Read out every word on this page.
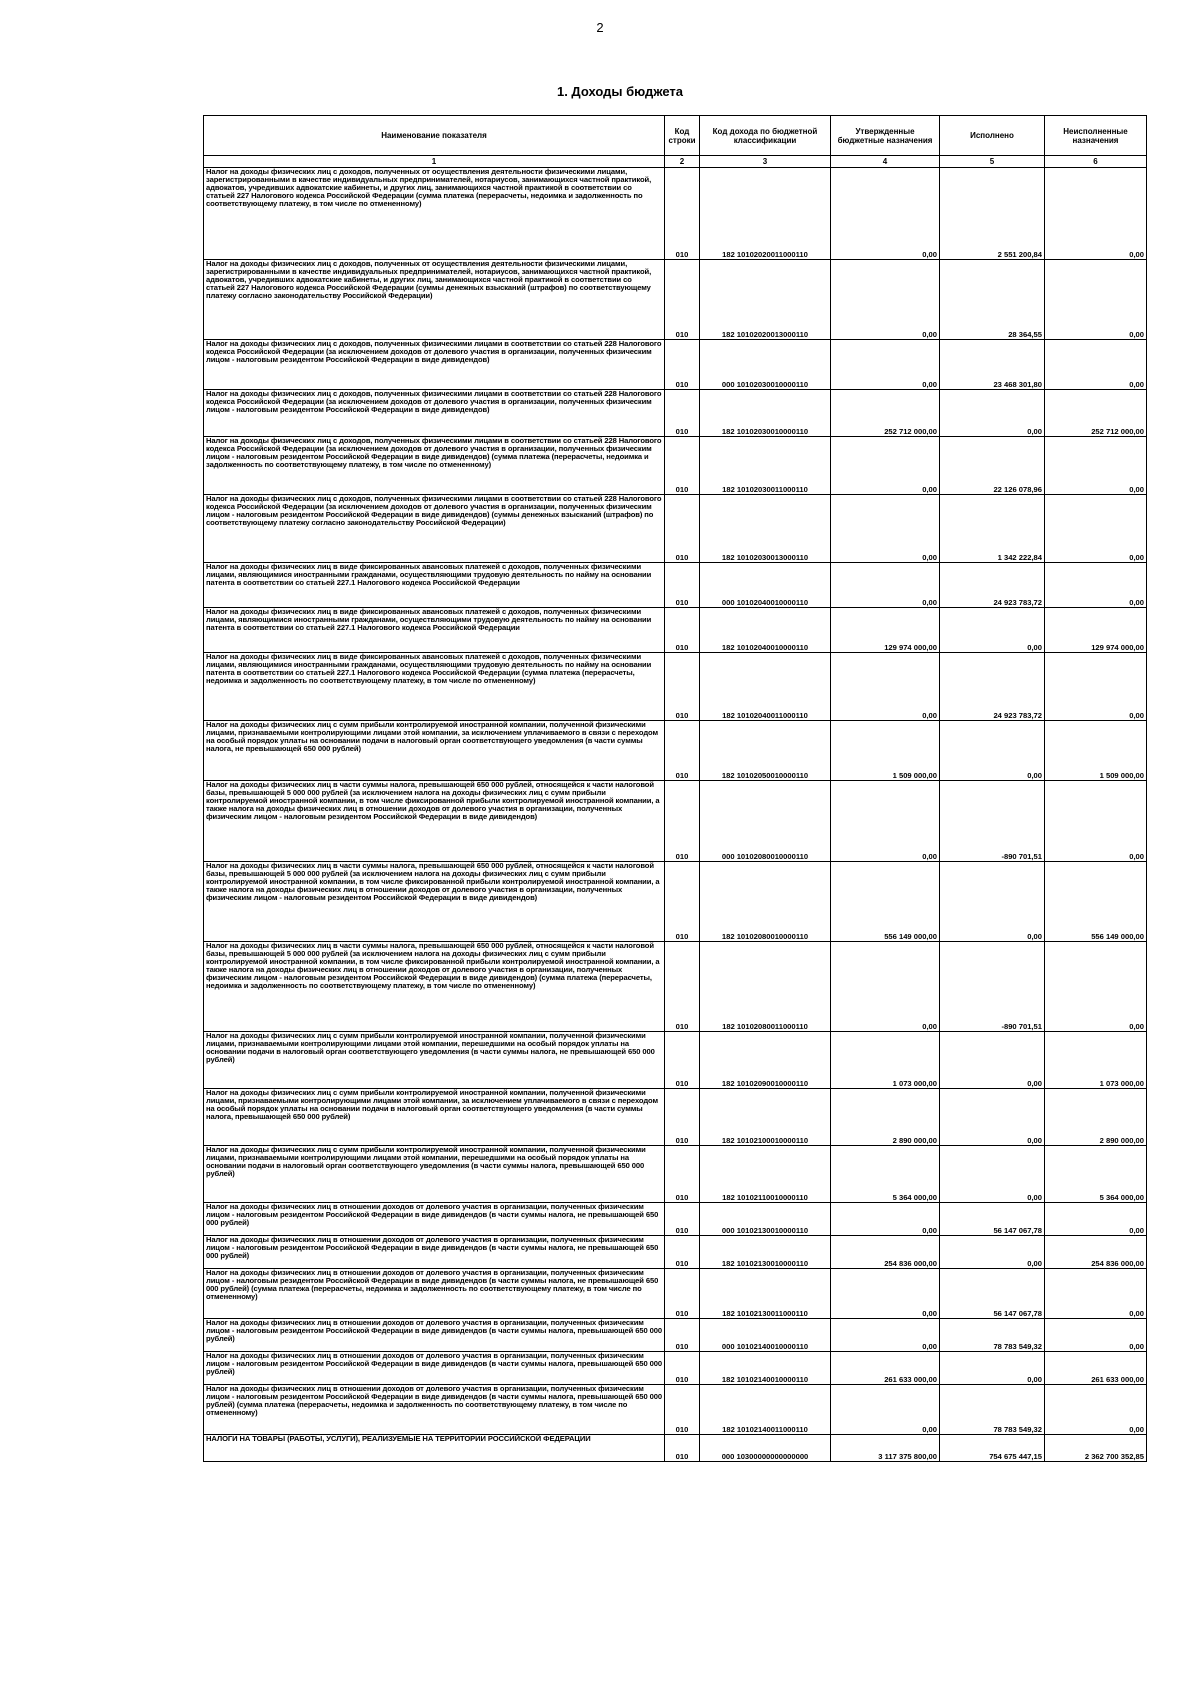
2
1. Доходы бюджета
Наименование показателя	Код строки	Код дохода по бюджетной классификации	Утвержденные бюджетные назначения	Исполнено	Неисполненные назначения
1	2	3	4	5	6
Налог на доходы физических лиц с доходов, полученных от осуществления деятельности физическими лицами, зарегистрированными в качестве индивидуальных предпринимателей, нотариусов, занимающихся частной практикой, адвокатов, учредивших адвокатские кабинеты, и других лиц, занимающихся частной практикой в соответствии со статьей 227 Налогового кодекса Российской Федерации (сумма платежа (перерасчеты, недоимка и задолженность по соответствующему платежу, в том числе по отмененному)	010	182 10102020011000110	0,00	2 551 200,84	0,00
Налог на доходы физических лиц с доходов, полученных от осуществления деятельности физическими лицами, зарегистрированными в качестве индивидуальных предпринимателей, нотариусов, занимающихся частной практикой, адвокатов, учредивших адвокатские кабинеты, и других лиц, занимающихся частной практикой в соответствии со статьей 227 Налогового кодекса Российской Федерации (суммы денежных взысканий (штрафов) по соответствующему платежу согласно законодательству Российской Федерации)	010	182 10102020013000110	0,00	28 364,55	0,00
Налог на доходы физических лиц с доходов, полученных физическими лицами в соответствии со статьей 228 Налогового кодекса Российской Федерации (за исключением доходов от долевого участия в организации, полученных физическим лицом - налоговым резидентом Российской Федерации в виде дивидендов)	010	000 10102030010000110	0,00	23 468 301,80	0,00
Налог на доходы физических лиц с доходов, полученных физическими лицами в соответствии со статьей 228 Налогового кодекса Российской Федерации (за исключением доходов от долевого участия в организации, полученных физическим лицом - налоговым резидентом Российской Федерации в виде дивидендов)	010	182 10102030010000110	252 712 000,00	0,00	252 712 000,00
Налог на доходы физических лиц с доходов, полученных физическими лицами в соответствии со статьей 228 Налогового кодекса Российской Федерации (за исключением доходов от долевого участия в организации, полученных физическим лицом - налоговым резидентом Российской Федерации в виде дивидендов) (сумма платежа (перерасчеты, недоимка и задолженность по соответствующему платежу, в том числе по отмененному)	010	182 10102030011000110	0,00	22 126 078,96	0,00
Налог на доходы физических лиц с доходов, полученных физическими лицами в соответствии со статьей 228 Налогового кодекса Российской Федерации (за исключением доходов от долевого участия в организации, полученных физическим лицом - налоговым резидентом Российской Федерации в виде дивидендов) (суммы денежных взысканий (штрафов) по соответствующему платежу согласно законодательству Российской Федерации)	010	182 10102030013000110	0,00	1 342 222,84	0,00
Налог на доходы физических лиц в виде фиксированных авансовых платежей с доходов, полученных физическими лицами, являющимися иностранными гражданами, осуществляющими трудовую деятельность по найму на основании патента в соответствии со статьей 227.1 Налогового кодекса Российской Федерации	010	000 10102040010000110	0,00	24 923 783,72	0,00
Налог на доходы физических лиц в виде фиксированных авансовых платежей с доходов, полученных физическими лицами, являющимися иностранными гражданами, осуществляющими трудовую деятельность по найму на основании патента в соответствии со статьей 227.1 Налогового кодекса Российской Федерации	010	182 10102040010000110	129 974 000,00	0,00	129 974 000,00
Налог на доходы физических лиц в виде фиксированных авансовых платежей с доходов, полученных физическими лицами, являющимися иностранными гражданами, осуществляющими трудовую деятельность по найму на основании патента в соответствии со статьей 227.1 Налогового кодекса Российской Федерации (сумма платежа (перерасчеты, недоимка и задолженность по соответствующему платежу, в том числе по отмененному)	010	182 10102040011000110	0,00	24 923 783,72	0,00
Налог на доходы физических лиц с сумм прибыли контролируемой иностранной компании, полученной физическими лицами, признаваемыми контролирующими лицами этой компании, за исключением уплачиваемого в связи с переходом на особый порядок уплаты на основании подачи в налоговый орган соответствующего уведомления (в части суммы налога, не превышающей 650 000 рублей)	010	182 10102050010000110	1 509 000,00	0,00	1 509 000,00
Налог на доходы физических лиц в части суммы налога, превышающей 650 000 рублей, относящейся к части налоговой базы, превышающей 5 000 000 рублей (за исключением налога на доходы физических лиц с сумм прибыли контролируемой иностранной компании, в том числе фиксированной прибыли контролируемой иностранной компании, а также налога на доходы физических лиц в отношении доходов от долевого участия в организации, полученных физическим лицом - налоговым резидентом Российской Федерации в виде дивидендов)	010	000 10102080010000110	0,00	-890 701,51	0,00
Налог на доходы физических лиц в части суммы налога, превышающей 650 000 рублей, относящейся к части налоговой базы, превышающей 5 000 000 рублей (за исключением налога на доходы физических лиц с сумм прибыли контролируемой иностранной компании, в том числе фиксированной прибыли контролируемой иностранной компании, а также налога на доходы физических лиц в отношении доходов от долевого участия в организации, полученных физическим лицом - налоговым резидентом Российской Федерации в виде дивидендов)	010	182 10102080010000110	556 149 000,00	0,00	556 149 000,00
Налог на доходы физических лиц в части суммы налога, превышающей 650 000 рублей, относящейся к части налоговой базы, превышающей 5 000 000 рублей (за исключением налога на доходы физических лиц с сумм прибыли контролируемой иностранной компании, в том числе фиксированной прибыли контролируемой иностранной компании, а также налога на доходы физических лиц в отношении доходов от долевого участия в организации, полученных физическим лицом - налоговым резидентом Российской Федерации в виде дивидендов) (сумма платежа (перерасчеты, недоимка и задолженность по соответствующему платежу, в том числе по отмененному)	010	182 10102080011000110	0,00	-890 701,51	0,00
Налог на доходы физических лиц с сумм прибыли контролируемой иностранной компании, полученной физическими лицами, признаваемыми контролирующими лицами этой компании, перешедшими на особый порядок уплаты на основании подачи в налоговый орган соответствующего уведомления (в части суммы налога, не превышающей 650 000 рублей)	010	182 10102090010000110	1 073 000,00	0,00	1 073 000,00
Налог на доходы физических лиц с сумм прибыли контролируемой иностранной компании, полученной физическими лицами, признаваемыми контролирующими лицами этой компании, за исключением уплачиваемого в связи с переходом на особый порядок уплаты на основании подачи в налоговый орган соответствующего уведомления (в части суммы налога, превышающей 650 000 рублей)	010	182 10102100010000110	2 890 000,00	0,00	2 890 000,00
Налог на доходы физических лиц с сумм прибыли контролируемой иностранной компании, полученной физическими лицами, признаваемыми контролирующими лицами этой компании, перешедшими на особый порядок уплаты на основании подачи в налоговый орган соответствующего уведомления (в части суммы налога, превышающей 650 000 рублей)	010	182 10102110010000110	5 364 000,00	0,00	5 364 000,00
Налог на доходы физических лиц в отношении доходов от долевого участия в организации, полученных физическим лицом - налоговым резидентом Российской Федерации в виде дивидендов (в части суммы налога, не превышающей 650 000 рублей)	010	000 10102130010000110	0,00	56 147 067,78	0,00
Налог на доходы физических лиц в отношении доходов от долевого участия в организации, полученных физическим лицом - налоговым резидентом Российской Федерации в виде дивидендов (в части суммы налога, не превышающей 650 000 рублей)	010	182 10102130010000110	254 836 000,00	0,00	254 836 000,00
Налог на доходы физических лиц в отношении доходов от долевого участия в организации, полученных физическим лицом - налоговым резидентом Российской Федерации в виде дивидендов (в части суммы налога, не превышающей 650 000 рублей) (сумма платежа (перерасчеты, недоимка и задолженность по соответствующему платежу, в том числе по отмененному)	010	182 10102130011000110	0,00	56 147 067,78	0,00
Налог на доходы физических лиц в отношении доходов от долевого участия в организации, полученных физическим лицом - налоговым резидентом Российской Федерации в виде дивидендов (в части суммы налога, превышающей 650 000 рублей)	010	000 10102140010000110	0,00	78 783 549,32	0,00
Налог на доходы физических лиц в отношении доходов от долевого участия в организации, полученных физическим лицом - налоговым резидентом Российской Федерации в виде дивидендов (в части суммы налога, превышающей 650 000 рублей)	010	182 10102140010000110	261 633 000,00	0,00	261 633 000,00
Налог на доходы физических лиц в отношении доходов от долевого участия в организации, полученных физическим лицом - налоговым резидентом Российской Федерации в виде дивидендов (в части суммы налога, превышающей 650 000 рублей) (сумма платежа (перерасчеты, недоимка и задолженность по соответствующему платежу, в том числе по отмененному)	010	182 10102140011000110	0,00	78 783 549,32	0,00
НАЛОГИ НА ТОВАРЫ (РАБОТЫ, УСЛУГИ), РЕАЛИЗУЕМЫЕ НА ТЕРРИТОРИИ РОССИЙСКОЙ ФЕДЕРАЦИИ	010	000 10300000000000000	3 117 375 800,00	754 675 447,15	2 362 700 352,85
